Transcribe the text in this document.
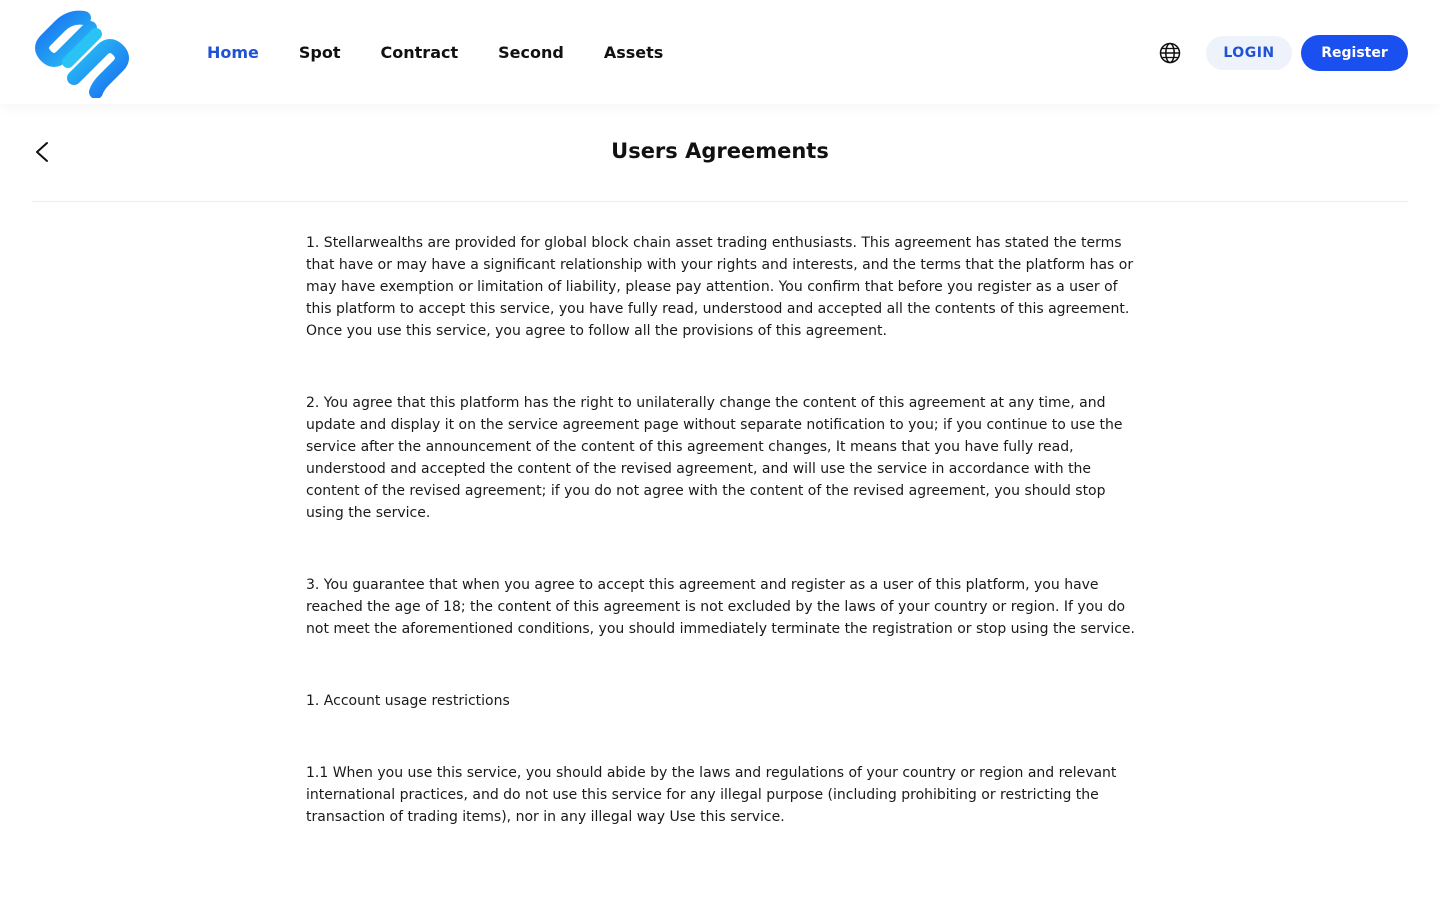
Home	Spot	Contract	Second	Assets	LOGIN	Register
Users Agreements

1. Stellarwealths are provided for global block chain asset trading enthusiasts. This agreement has stated the terms that have or may have a significant relationship with your rights and interests, and the terms that the platform has or may have exemption or limitation of liability, please pay attention. You confirm that before you register as a user of this platform to accept this service, you have fully read, understood and accepted all the contents of this agreement. Once you use this service, you agree to follow all the provisions of this agreement.

2. You agree that this platform has the right to unilaterally change the content of this agreement at any time, and update and display it on the service agreement page without separate notification to you; if you continue to use the service after the announcement of the content of this agreement changes, It means that you have fully read, understood and accepted the content of the revised agreement, and will use the service in accordance with the content of the revised agreement; if you do not agree with the content of the revised agreement, you should stop using the service.

3. You guarantee that when you agree to accept this agreement and register as a user of this platform, you have reached the age of 18; the content of this agreement is not excluded by the laws of your country or region. If you do not meet the aforementioned conditions, you should immediately terminate the registration or stop using the service.

1. Account usage restrictions

1.1 When you use this service, you should abide by the laws and regulations of your country or region and relevant international practices, and do not use this service for any illegal purpose (including prohibiting or restricting the transaction of trading items), nor in any illegal way Use this service.
